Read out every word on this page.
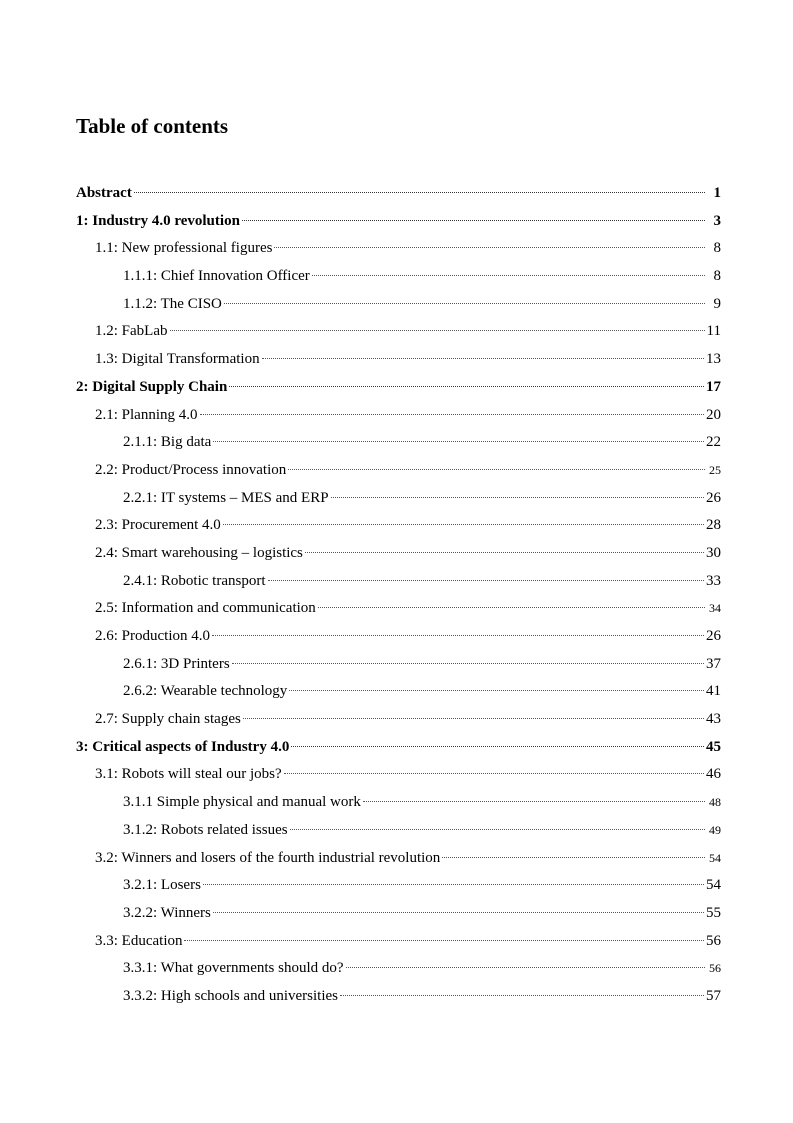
Table of contents
Abstract	1
1: Industry 4.0 revolution	3
1.1: New professional figures	8
1.1.1: Chief Innovation Officer	8
1.1.2: The CISO	9
1.2: FabLab	11
1.3: Digital Transformation	13
2: Digital Supply Chain	17
2.1: Planning 4.0	20
2.1.1: Big data	22
2.2: Product/Process innovation	25
2.2.1: IT systems – MES and ERP	26
2.3: Procurement 4.0	28
2.4: Smart warehousing – logistics	30
2.4.1: Robotic transport	33
2.5: Information and communication	34
2.6: Production 4.0	26
2.6.1: 3D Printers	37
2.6.2: Wearable technology	41
2.7: Supply chain stages	43
3: Critical aspects of Industry 4.0	45
3.1: Robots will steal our jobs?	46
3.1.1 Simple physical and manual work	48
3.1.2: Robots related issues	49
3.2: Winners and losers of the fourth industrial revolution	54
3.2.1: Losers	54
3.2.2: Winners	55
3.3: Education	56
3.3.1: What governments should do?	56
3.3.2: High schools and universities	57
